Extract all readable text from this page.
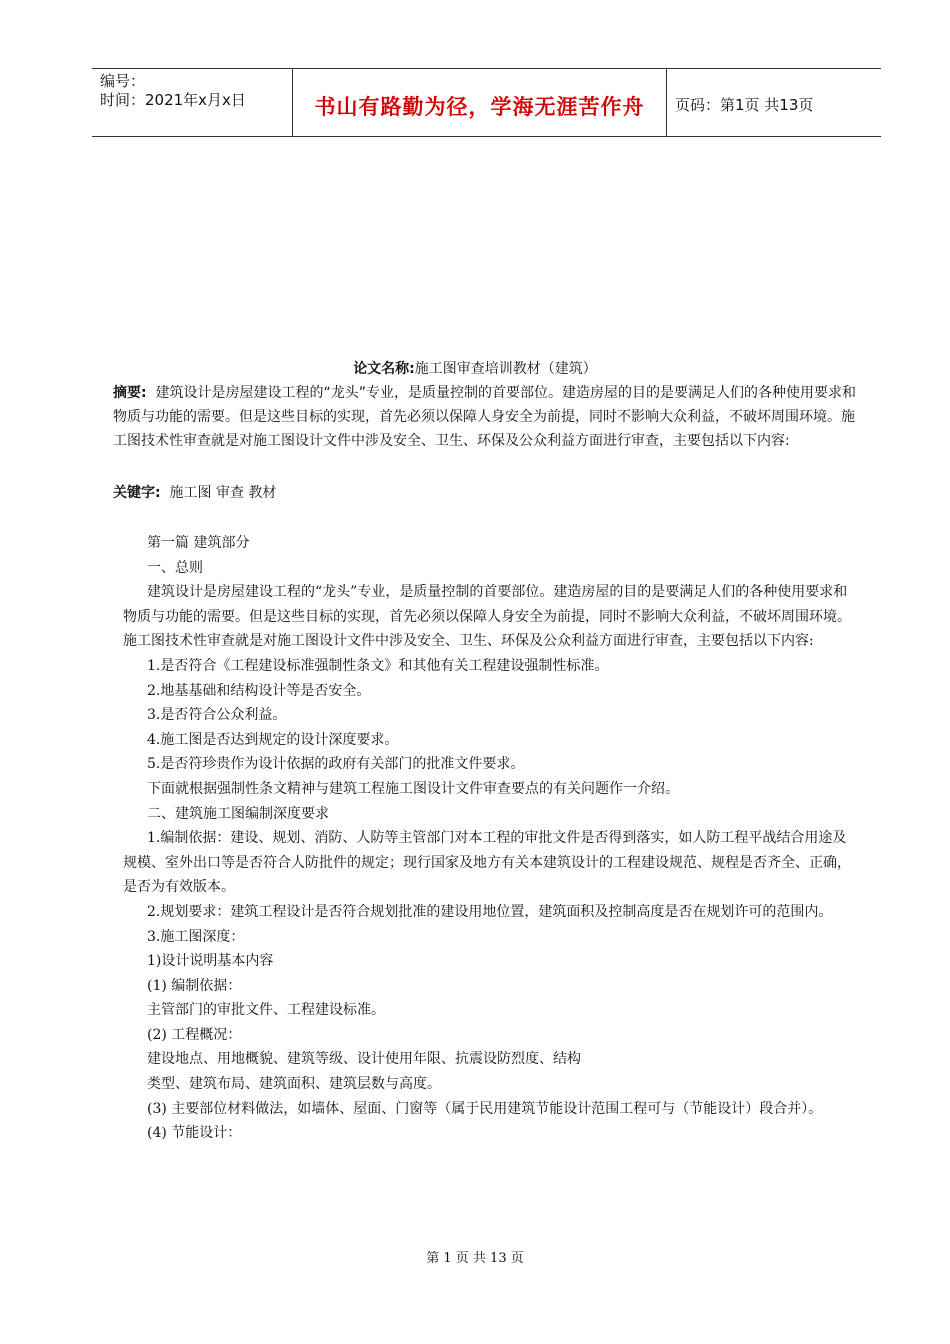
编号：
时间：2021年x月x日	书山有路勤为径，学海无涯苦作舟	页码：第1页 共13页
论文名称:施工图审查培训教材（建筑）
摘要: 建筑设计是房屋建设工程的“龙头”专业，是质量控制的首要部位。建造房屋的目的是要满足人们的各种使用要求和物质与功能的需要。但是这些目标的实现，首先必须以保障人身安全为前提，同时不影响大众利益，不破坏周围环境。施工图技术性审查就是对施工图设计文件中涉及安全、卫生、环保及公众利益方面进行审查，主要包括以下内容:
关键字: 施工图 审查 教材

第一篇 建筑部分

一、总则

建筑设计是房屋建设工程的“龙头”专业，是质量控制的首要部位。建造房屋的目的是要满足人们的各种使用要求和物质与功能的需要。但是这些目标的实现，首先必须以保障人身安全为前提，同时不影响大众利益，不破坏周围环境。施工图技术性审查就是对施工图设计文件中涉及安全、卫生、环保及公众利益方面进行审查，主要包括以下内容:

1.是否符合《工程建设标准强制性条文》和其他有关工程建设强制性标准。

2.地基基础和结构设计等是否安全。

3.是否符合公众利益。

4.施工图是否达到规定的设计深度要求。

5.是否符珍贵作为设计依据的政府有关部门的批准文件要求。

下面就根据强制性条文精神与建筑工程施工图设计文件审查要点的有关问题作一介绍。

二、建筑施工图编制深度要求

1.编制依据：建设、规划、消防、人防等主管部门对本工程的审批文件是否得到落实，如人防工程平战结合用途及规模、室外出口等是否符合人防批件的规定；现行国家及地方有关本建筑设计的工程建设规范、规程是否齐全、正确，是否为有效版本。

2.规划要求：建筑工程设计是否符合规划批准的建设用地位置，建筑面积及控制高度是否在规划许可的范围内。

3.施工图深度：

1)设计说明基本内容

(1) 编制依据：

主管部门的审批文件、工程建设标准。

(2) 工程概况：

建设地点、用地概貌、建筑等级、设计使用年限、抗震设防烈度、结构

类型、建筑布局、建筑面积、建筑层数与高度。

(3) 主要部位材料做法，如墙体、屋面、门窗等（属于民用建筑节能设计范围工程可与（节能设计）段合并）。

(4) 节能设计：

第 1 页 共 13 页
